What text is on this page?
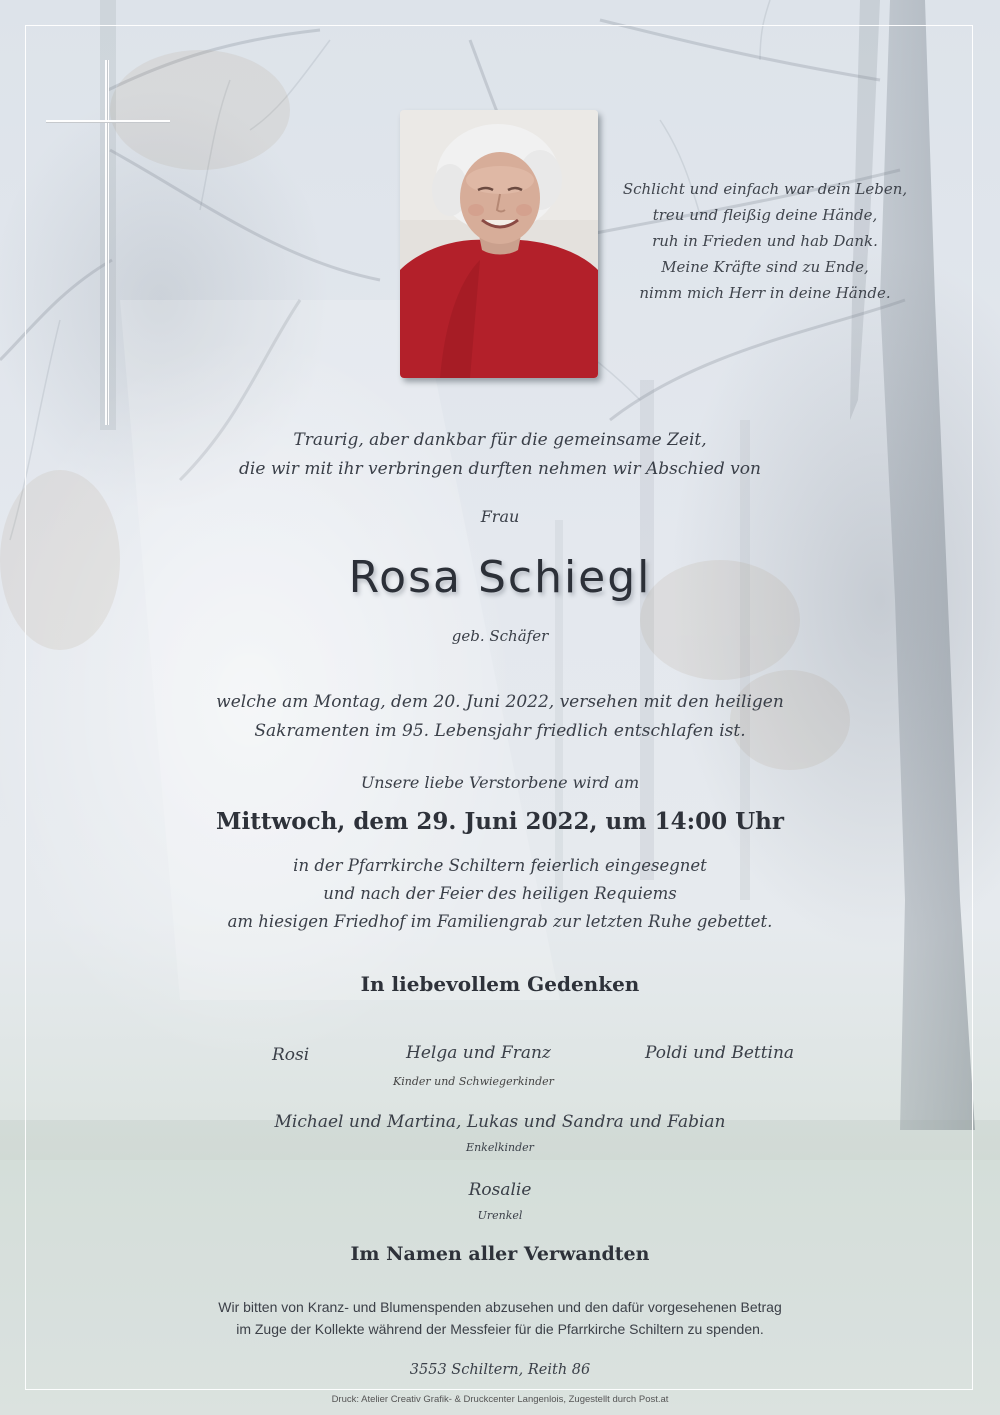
Schlicht und einfach war dein Leben,
treu und fleißig deine Hände,
ruh in Frieden und hab Dank.
Meine Kräfte sind zu Ende,
nimm mich Herr in deine Hände.
Traurig, aber dankbar für die gemeinsame Zeit,
die wir mit ihr verbringen durften nehmen wir Abschied von
Frau
Rosa Schiegl
geb. Schäfer
welche am Montag, dem 20. Juni 2022, versehen mit den heiligen
Sakramenten im 95. Lebensjahr friedlich entschlafen ist.
Unsere liebe Verstorbene wird am
Mittwoch, dem 29. Juni 2022, um 14:00 Uhr
in der Pfarrkirche Schiltern feierlich eingesegnet
und nach der Feier des heiligen Requiems
am hiesigen Friedhof im Familiengrab zur letzten Ruhe gebettet.
In liebevollem Gedenken
Rosi	Helga und Franz	Poldi und Bettina
Kinder und Schwiegerkinder
Michael und Martina, Lukas und Sandra und Fabian
Enkelkinder
Rosalie
Urenkel
Im Namen aller Verwandten
Wir bitten von Kranz- und Blumenspenden abzusehen und den dafür vorgesehenen Betrag
im Zuge der Kollekte während der Messfeier für die Pfarrkirche Schiltern zu spenden.
3553 Schiltern, Reith 86
Druck: Atelier Creativ Grafik- & Druckcenter Langenlois, Zugestellt durch Post.at
